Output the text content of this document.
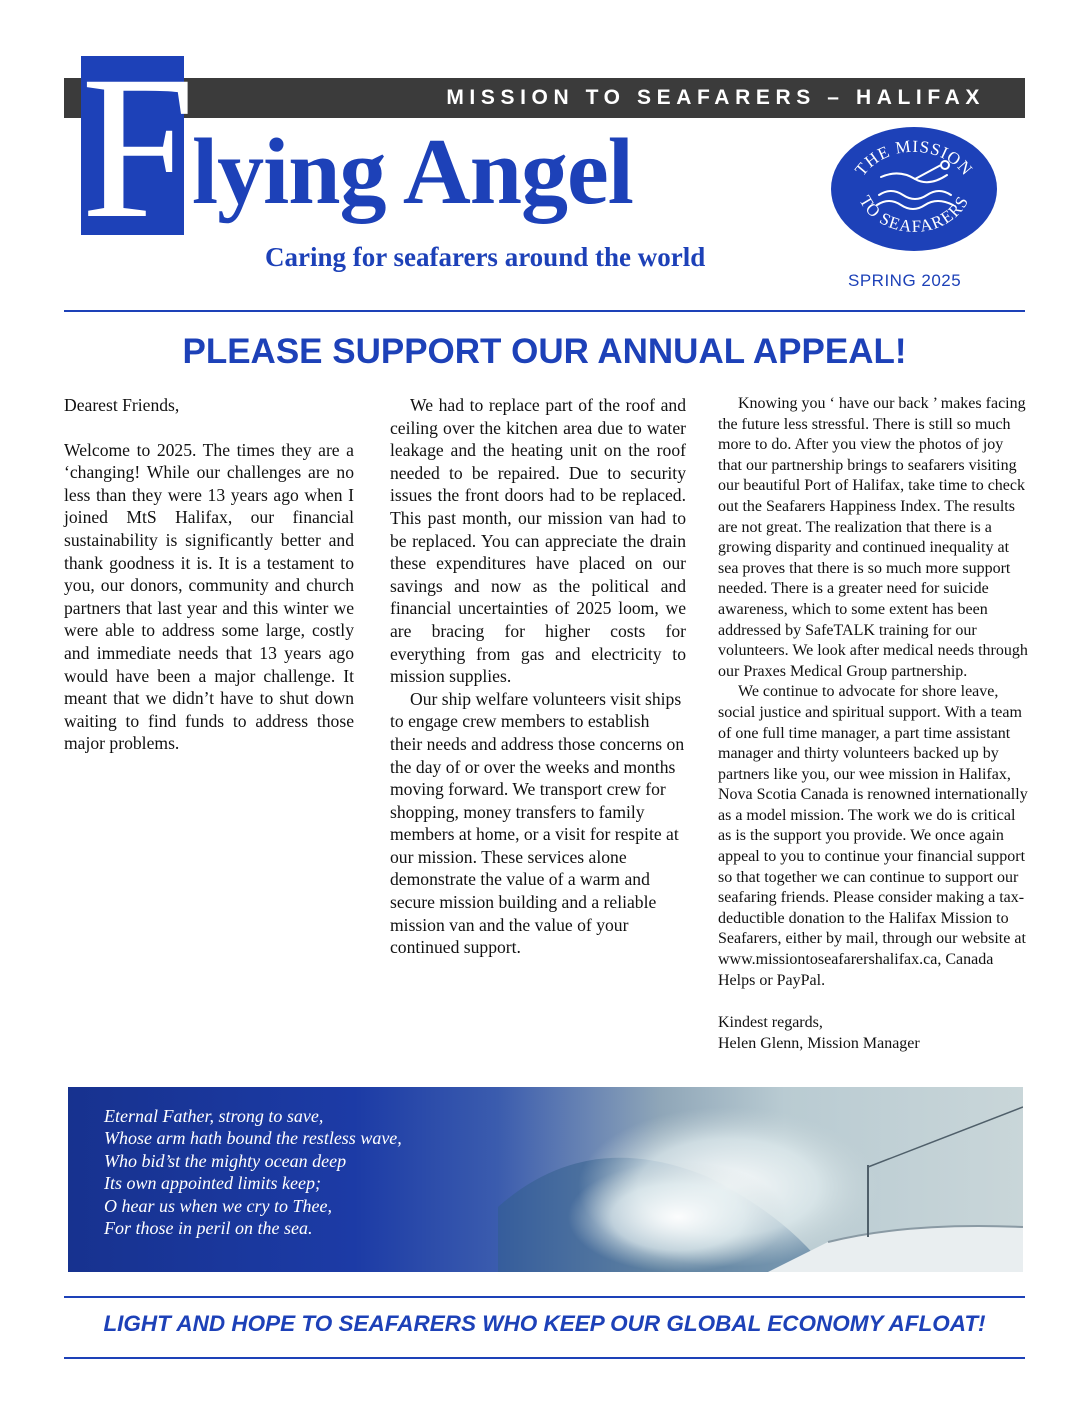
MISSION TO SEAFARERS – HALIFAX
F
lying Angel
Caring for seafarers around the world
THE MISSION
TO SEAFARERS
SPRING 2025
PLEASE SUPPORT OUR ANNUAL APPEAL!

Dearest Friends,

Welcome to 2025. The times they are a ‘changing! While our challenges are no less than they were 13 years ago when I joined MtS Halifax, our financial sustainability is significantly better and thank goodness it is. It is a testament to you, our donors, community and church partners that last year and this winter we were able to address some large, costly and immediate needs that 13 years ago would have been a major challenge. It meant that we didn’t have to shut down waiting to find funds to address those major problems.

We had to replace part of the roof and ceiling over the kitchen area due to water leakage and the heating unit on the roof needed to be repaired. Due to security issues the front doors had to be replaced. This past month, our mission van had to be replaced. You can appreciate the drain these expenditures have placed on our savings and now as the political and financial uncertainties of 2025 loom, we are bracing for higher costs for everything from gas and electricity to mission supplies.

Our ship welfare volunteers visit ships to engage crew members to establish their needs and address those concerns on the day of or over the weeks and months moving forward. We transport crew for shopping, money transfers to family members at home, or a visit for respite at our mission. These services alone demonstrate the value of a warm and secure mission building and a reliable mission van and the value of your continued support.

Knowing you ‘ have our back ’ makes facing the future less stressful. There is still so much more to do. After you view the photos of joy that our partnership brings to seafarers visiting our beautiful Port of Halifax, take time to check out the Seafarers Happiness Index. The results are not great. The realization that there is a growing disparity and continued inequality at sea proves that there is so much more support needed. There is a greater need for suicide awareness, which to some extent has been addressed by SafeTALK training for our volunteers. We look after medical needs through our Praxes Medical Group partnership.

We continue to advocate for shore leave, social justice and spiritual support. With a team of one full time manager, a part time assistant manager and thirty volunteers backed up by partners like you, our wee mission in Halifax, Nova Scotia Canada is renowned internationally as a model mission. The work we do is critical as is the support you provide. We once again appeal to you to continue your financial support so that together we can continue to support our seafaring friends. Please consider making a tax-deductible donation to the Halifax Mission to Seafarers, either by mail, through our website at www.missiontoseafarershalifax.ca, Canada Helps or PayPal.

Kindest regards,

Helen Glenn, Mission Manager

Eternal Father, strong to save,
Whose arm hath bound the restless wave,
Who bid’st the mighty ocean deep
Its own appointed limits keep;
O hear us when we cry to Thee,
For those in peril on the sea.
LIGHT AND HOPE TO SEAFARERS WHO KEEP OUR GLOBAL ECONOMY AFLOAT!
